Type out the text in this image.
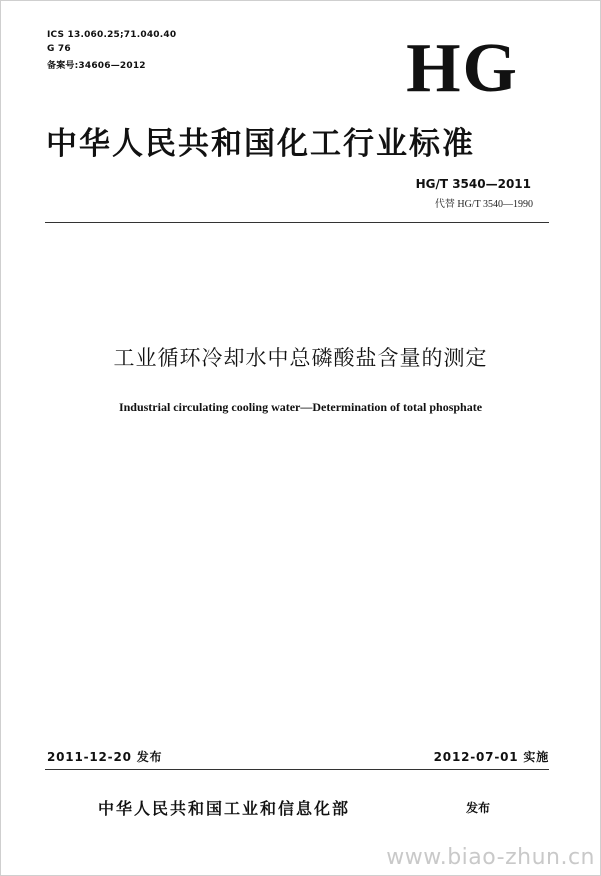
ICS 13.060.25;71.040.40
G 76
备案号:34606—2012	HG
中华人民共和国化工行业标准
HG/T 3540—2011
代替 HG/T 3540—1990
工业循环冷却水中总磷酸盐含量的测定
Industrial circulating cooling water—Determination of total phosphate
2011-12-20 发布	2012-07-01 实施
中华人民共和国工业和信息化部	发布
www.biao-zhun.cn
